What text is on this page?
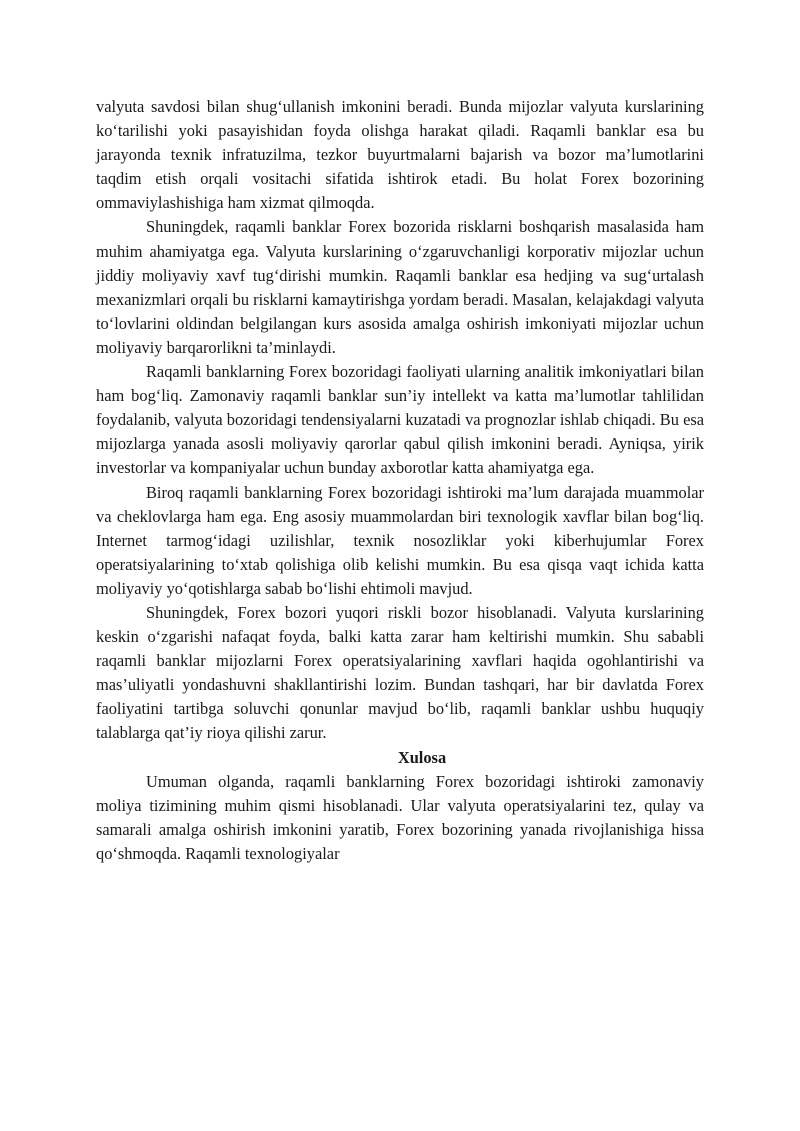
valyuta savdosi bilan shug‘ullanish imkonini beradi. Bunda mijozlar valyuta kurslarining ko‘tarilishi yoki pasayishidan foyda olishga harakat qiladi. Raqamli banklar esa bu jarayonda texnik infratuzilma, tezkor buyurtmalarni bajarish va bozor ma’lumotlarini taqdim etish orqali vositachi sifatida ishtirok etadi. Bu holat Forex bozorining ommaviylashishiga ham xizmat qilmoqda.

Shuningdek, raqamli banklar Forex bozorida risklarni boshqarish masalasida ham muhim ahamiyatga ega. Valyuta kurslarining o‘zgaruvchanligi korporativ mijozlar uchun jiddiy moliyaviy xavf tug‘dirishi mumkin. Raqamli banklar esa hedjing va sug‘urtalash mexanizmlari orqali bu risklarni kamaytirishga yordam beradi. Masalan, kelajakdagi valyuta to‘lovlarini oldindan belgilangan kurs asosida amalga oshirish imkoniyati mijozlar uchun moliyaviy barqarorlikni ta’minlaydi.

Raqamli banklarning Forex bozoridagi faoliyati ularning analitik imkoniyatlari bilan ham bog‘liq. Zamonaviy raqamli banklar sun’iy intellekt va katta ma’lumotlar tahlilidan foydalanib, valyuta bozoridagi tendensiyalarni kuzatadi va prognozlar ishlab chiqadi. Bu esa mijozlarga yanada asosli moliyaviy qarorlar qabul qilish imkonini beradi. Ayniqsa, yirik investorlar va kompaniyalar uchun bunday axborotlar katta ahamiyatga ega.

Biroq raqamli banklarning Forex bozoridagi ishtiroki ma’lum darajada muammolar va cheklovlarga ham ega. Eng asosiy muammolardan biri texnologik xavflar bilan bog‘liq. Internet tarmog‘idagi uzilishlar, texnik nosozliklar yoki kiberhujumlar Forex operatsiyalarining to‘xtab qolishiga olib kelishi mumkin. Bu esa qisqa vaqt ichida katta moliyaviy yo‘qotishlarga sabab bo‘lishi ehtimoli mavjud.

Shuningdek, Forex bozori yuqori riskli bozor hisoblanadi. Valyuta kurslarining keskin o‘zgarishi nafaqat foyda, balki katta zarar ham keltirishi mumkin. Shu sababli raqamli banklar mijozlarni Forex operatsiyalarining xavflari haqida ogohlantirishi va mas’uliyatli yondashuvni shakllantirishi lozim. Bundan tashqari, har bir davlatda Forex faoliyatini tartibga soluvchi qonunlar mavjud bo‘lib, raqamli banklar ushbu huquqiy talablarga qat’iy rioya qilishi zarur.

Xulosa

Umuman olganda, raqamli banklarning Forex bozoridagi ishtiroki zamonaviy moliya tizimining muhim qismi hisoblanadi. Ular valyuta operatsiyalarini tez, qulay va samarali amalga oshirish imkonini yaratib, Forex bozorining yanada rivojlanishiga hissa qo‘shmoqda. Raqamli texnologiyalar
